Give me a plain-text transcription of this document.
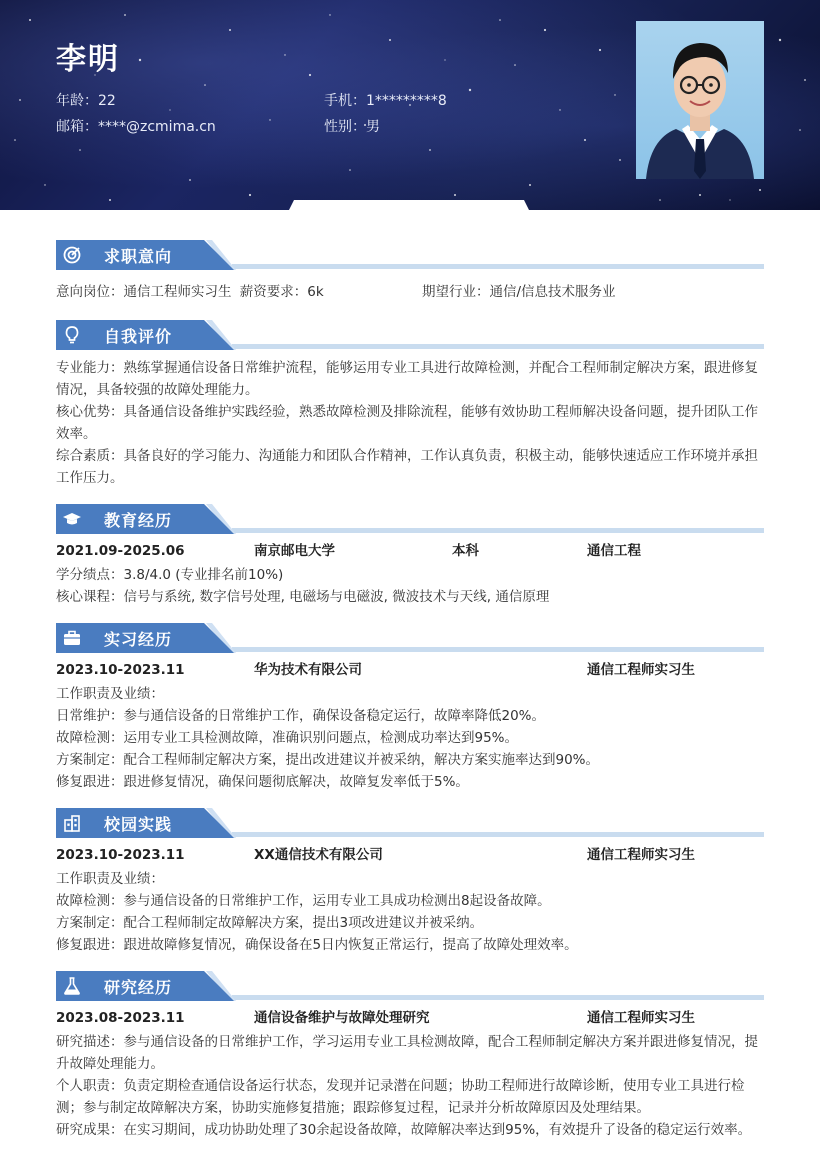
李明
年龄：22	手机：1*********8
邮箱：****@zcmima.cn	性别：男
求职意向
意向岗位：通信工程师实习生 薪资要求：6k	期望行业：通信/信息技术服务业
自我评价
专业能力：熟练掌握通信设备日常维护流程，能够运用专业工具进行故障检测，并配合工程师制定解决方案，跟进修复情况，具备较强的故障处理能力。
核心优势：具备通信设备维护实践经验，熟悉故障检测及排除流程，能够有效协助工程师解决设备问题，提升团队工作效率。
综合素质：具备良好的学习能力、沟通能力和团队合作精神，工作认真负责，积极主动，能够快速适应工作环境并承担工作压力。
教育经历
2021.09-2025.06	南京邮电大学	本科	通信工程
学分绩点：3.8/4.0 (专业排名前10%)
核心课程：信号与系统, 数字信号处理, 电磁场与电磁波, 微波技术与天线, 通信原理
实习经历
2023.10-2023.11	华为技术有限公司	通信工程师实习生
工作职责及业绩：
日常维护：参与通信设备的日常维护工作，确保设备稳定运行，故障率降低20%。
故障检测：运用专业工具检测故障，准确识别问题点，检测成功率达到95%。
方案制定：配合工程师制定解决方案，提出改进建议并被采纳，解决方案实施率达到90%。
修复跟进：跟进修复情况，确保问题彻底解决，故障复发率低于5%。
校园实践
2023.10-2023.11	XX通信技术有限公司	通信工程师实习生
工作职责及业绩：
故障检测：参与通信设备的日常维护工作，运用专业工具成功检测出8起设备故障。
方案制定：配合工程师制定故障解决方案，提出3项改进建议并被采纳。
修复跟进：跟进故障修复情况，确保设备在5日内恢复正常运行，提高了故障处理效率。
研究经历
2023.08-2023.11	通信设备维护与故障处理研究	通信工程师实习生
研究描述：参与通信设备的日常维护工作，学习运用专业工具检测故障，配合工程师制定解决方案并跟进修复情况，提升故障处理能力。
个人职责：负责定期检查通信设备运行状态，发现并记录潜在问题；协助工程师进行故障诊断，使用专业工具进行检测；参与制定故障解决方案，协助实施修复措施；跟踪修复过程，记录并分析故障原因及处理结果。
研究成果：在实习期间，成功协助处理了30余起设备故障，故障解决率达到95%，有效提升了设备的稳定运行效率。
